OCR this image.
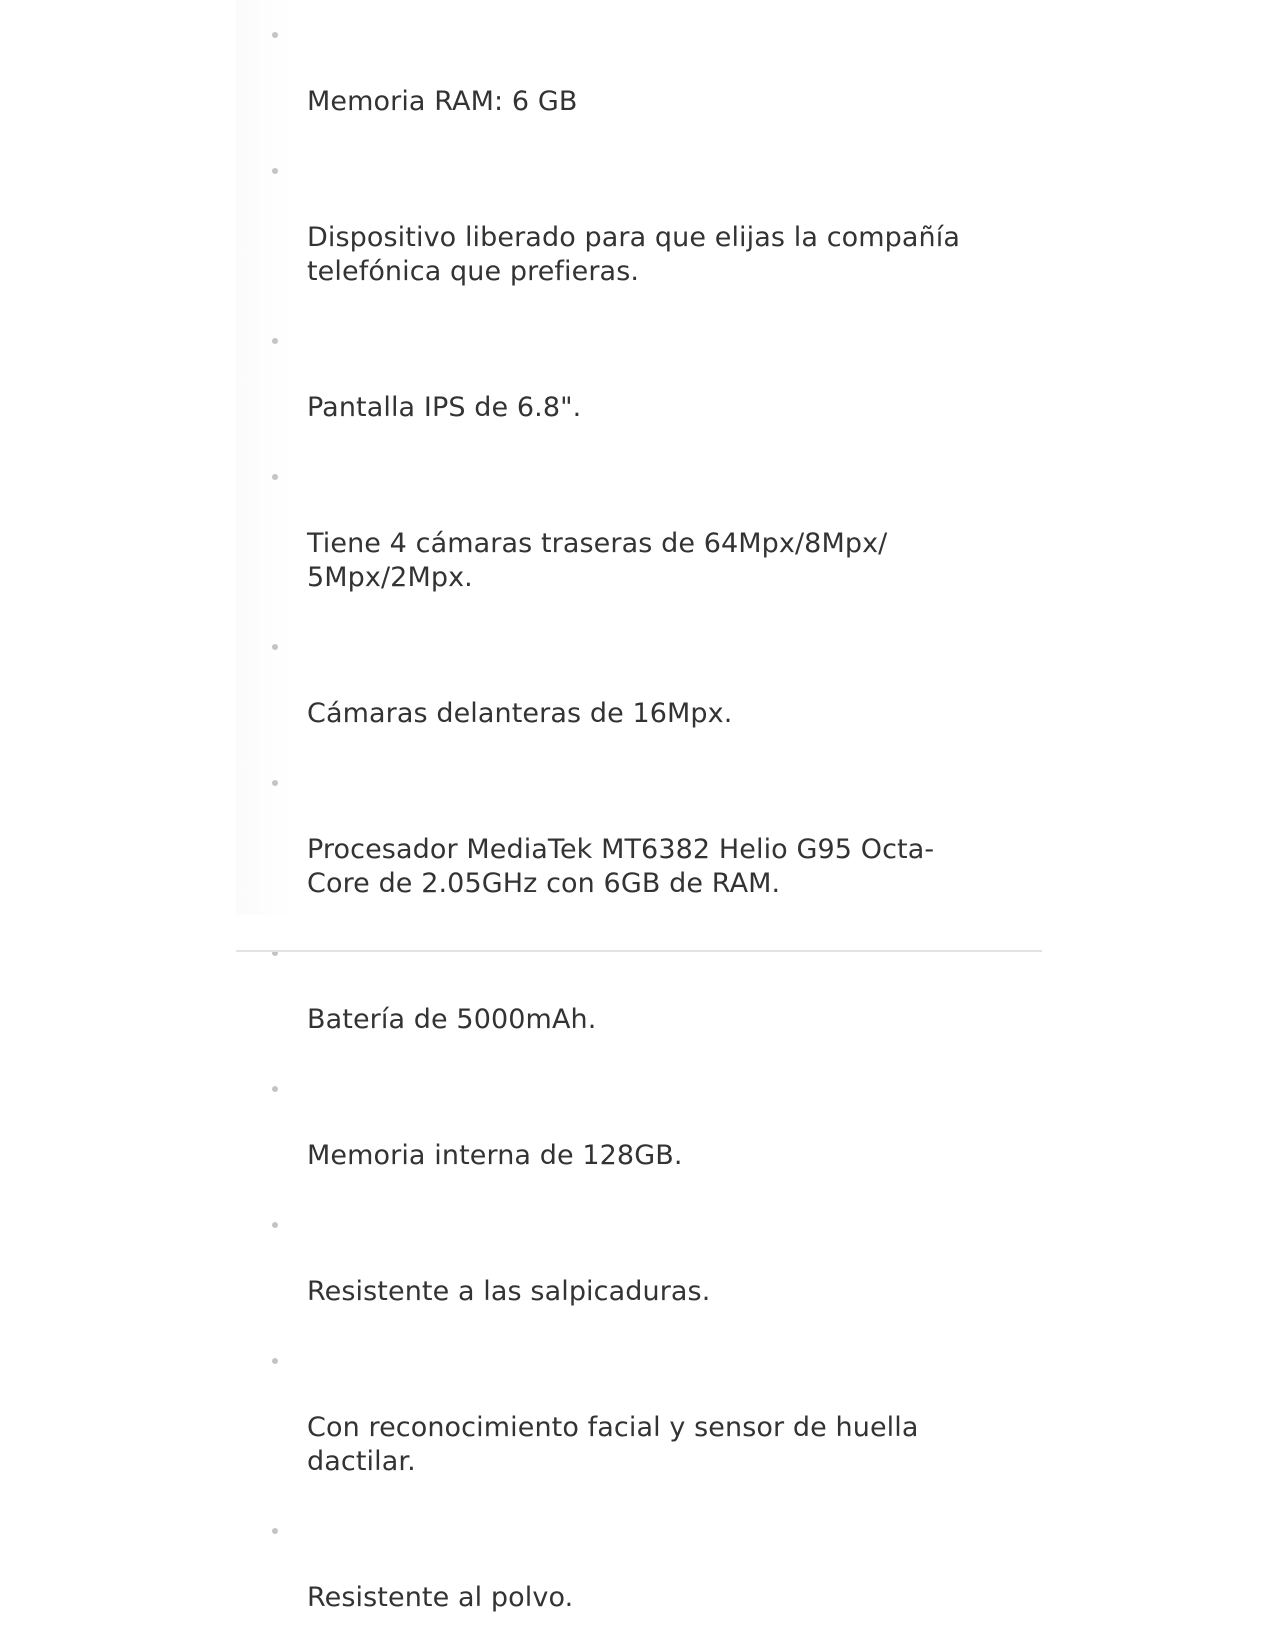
Memoria RAM: 6 GB

Dispositivo liberado para que elijas la compañía
telefónica que prefieras.

Pantalla IPS de 6.8".

Tiene 4 cámaras traseras de 64Mpx/8Mpx/
5Mpx/2Mpx.

Cámaras delanteras de 16Mpx.

Procesador MediaTek MT6382 Helio G95 Octa-
Core de 2.05GHz con 6GB de RAM.

Batería de 5000mAh.

Memoria interna de 128GB.

Resistente a las salpicaduras.

Con reconocimiento facial y sensor de huella
dactilar.

Resistente al polvo.
